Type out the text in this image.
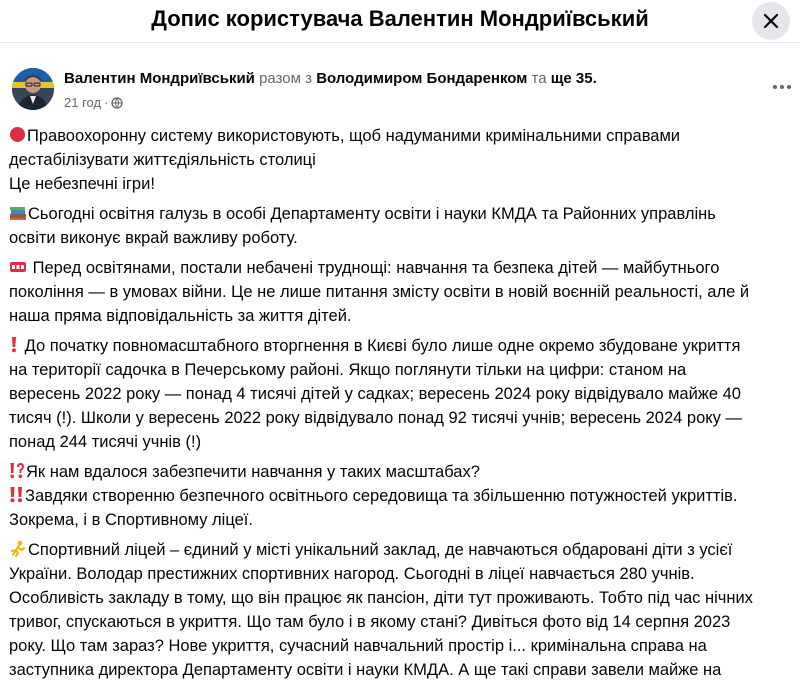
Допис користувача Валентин Мондриївський
Валентин Мондриївський разом з Володимиром Бондаренком та ще 35.
21 год ·
Правоохоронну систему використовують, щоб надуманими кримінальними справами
дестабілізувати життєдіяльність столиці
Це небезпечні ігри!
Сьогодні освітня галузь в особі Департаменту освіти і науки КМДА та Районних управлінь
освіти виконує вкрай важливу роботу.
Перед освітянами, постали небачені труднощі: навчання та безпека дітей — майбутнього
покоління — в умовах війни. Це не лише питання змісту освіти в новій воєнній реальності, але й
наша пряма відповідальність за життя дітей.
До початку повномасштабного вторгнення в Києві було лише одне окремо збудоване укриття
на території садочка в Печерському районі. Якщо поглянути тільки на цифри: станом на
вересень 2022 року — понад 4 тисячі дітей у садках; вересень 2024 року відвідувало майже 40
тисяч (!). Школи у вересень 2022 року відвідувало понад 92 тисячі учнів; вересень 2024 року —
понад 244 тисячі учнів (!)
Як нам вдалося забезпечити навчання у таких масштабах?
Завдяки створенню безпечного освітнього середовища та збільшенню потужностей укриттів.
Зокрема, і в Спортивному ліцеї.
Спортивний ліцей – єдиний у місті унікальний заклад, де навчаються обдаровані діти з усієї
України. Володар престижних спортивних нагород. Сьогодні в ліцеї навчається 280 учнів.
Особливість закладу в тому, що він працює як пансіон, діти тут проживають. Тобто під час нічних
тривог, спускаються в укриття. Що там було і в якому стані? Дивіться фото від 14 серпня 2023
року. Що там зараз? Нове укриття, сучасний навчальний простір і... кримінальна справа на
заступника директора Департаменту освіти і науки КМДА. А ще такі справи завели майже на
